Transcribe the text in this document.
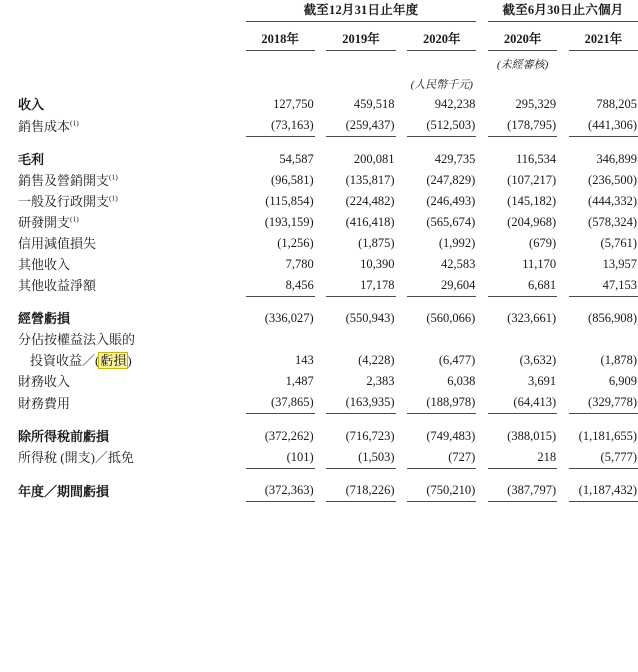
		截至12月31日止年度						截至6月30日止六個月		
		2018年		2019年		2020年		2020年		2021年
								(未經審核)		
						(人民幣千元)				
收入		127,750		459,518		942,238		295,329		788,205
銷售成本$^{(1)}$		(73,163)		(259,437)		(512,503)		(178,795)		(441,306)

毛利		54,587		200,081		429,735		116,534		346,899
銷售及營銷開支$^{(1)}$		(96,581)		(135,817)		(247,829)		(107,217)		(236,500)
一般及行政開支$^{(1)}$		(115,854)		(224,482)		(246,493)		(145,182)		(444,332)
研發開支$^{(1)}$		(193,159)		(416,418)		(565,674)		(204,968)		(578,324)
信用減值損失		(1,256)		(1,875)		(1,992)		(679)		(5,761)
其他收入		7,780		10,390		42,583		11,170		13,957
其他收益淨額		8,456		17,178		29,604		6,681		47,153

經營虧損		(336,027)		(550,943)		(560,066)		(323,661)		(856,908)
分佔按權益法入賬的										
投資收益／(虧損)		143		(4,228)		(6,477)		(3,632)		(1,878)
財務收入		1,487		2,383		6,038		3,691		6,909
財務費用		(37,865)		(163,935)		(188,978)		(64,413)		(329,778)

除所得稅前虧損		(372,262)		(716,723)		(749,483)		(388,015)		(1,181,655)
所得稅 (開支)／抵免		(101)		(1,503)		(727)		218		(5,777)

年度／期間虧損		(372,363)		(718,226)		(750,210)		(387,797)		(1,187,432)
